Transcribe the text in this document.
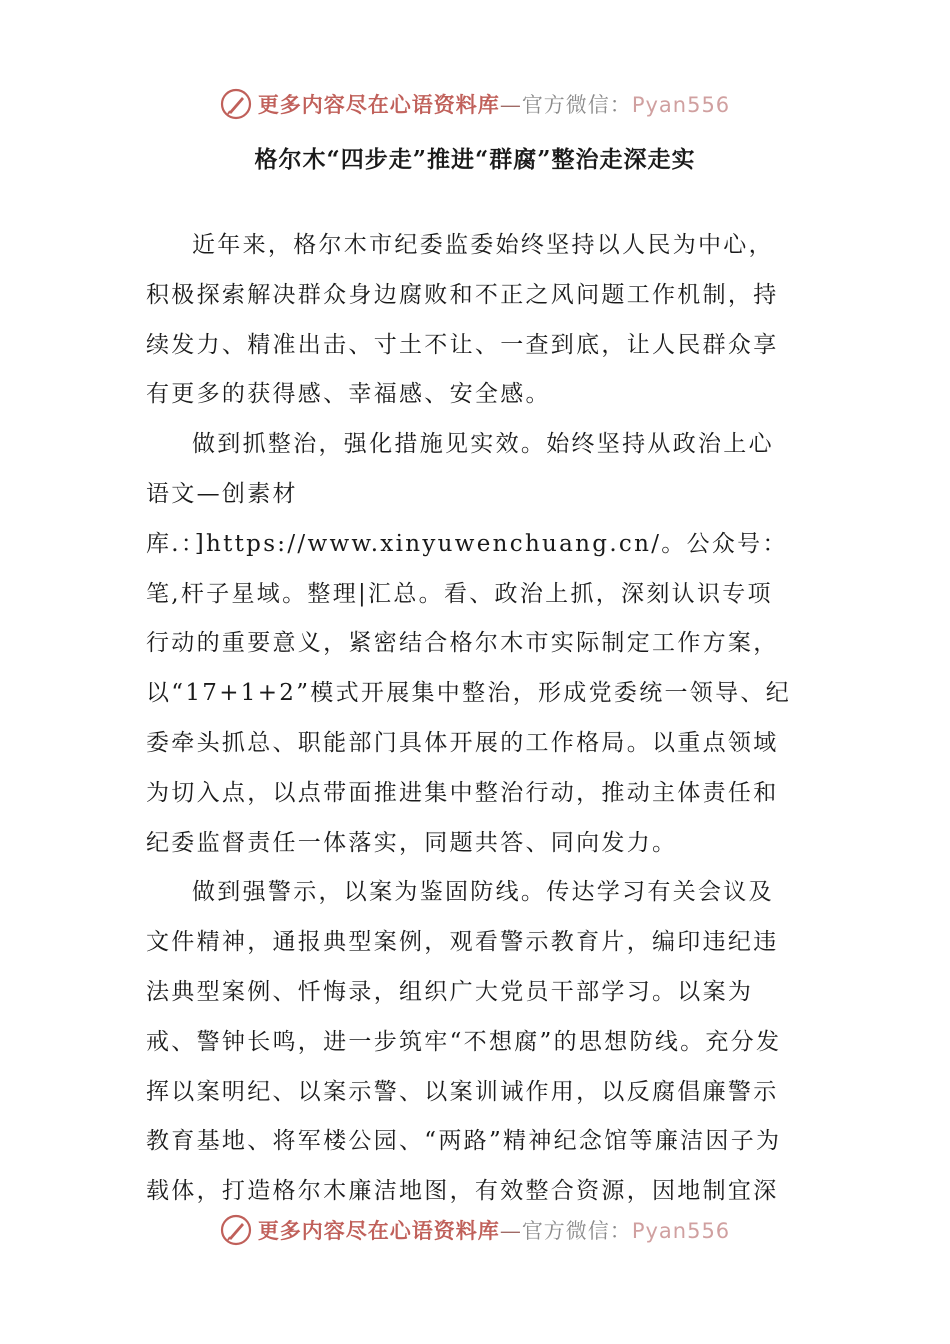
更多内容尽在心语资料库—官方微信：Pyan556
格尔木“四步走”推进“群腐”整治走深走实

近年来，格尔木市纪委监委始终坚持以人民为中心，积极探索解决群众身边腐败和不正之风问题工作机制，持续发力、精准出击、寸土不让、一查到底，让人民群众享有更多的获得感、幸福感、安全感。

做到抓整治，强化措施见实效。始终坚持从政治上心语文—创素材库.：]https://www.xinyuwenchuang.cn/。公众号：笔,杆子星域。整理|汇总。看、政治上抓，深刻认识专项行动的重要意义，紧密结合格尔木市实际制定工作方案，以“17+1+2”模式开展集中整治，形成党委统一领导、纪委牵头抓总、职能部门具体开展的工作格局。以重点领域为切入点，以点带面推进集中整治行动，推动主体责任和纪委监督责任一体落实，同题共答、同向发力。

做到强警示，以案为鉴固防线。传达学习有关会议及文件精神，通报典型案例，观看警示教育片，编印违纪违法典型案例、忏悔录，组织广大党员干部学习。以案为戒、警钟长鸣，进一步筑牢“不想腐”的思想防线。充分发挥以案明纪、以案示警、以案训诫作用，以反腐倡廉警示教育基地、将军楼公园、“两路”精神纪念馆等廉洁因子为载体，打造格尔木廉洁地图，有效整合资源，因地制宜深

更多内容尽在心语资料库—官方微信：Pyan556
